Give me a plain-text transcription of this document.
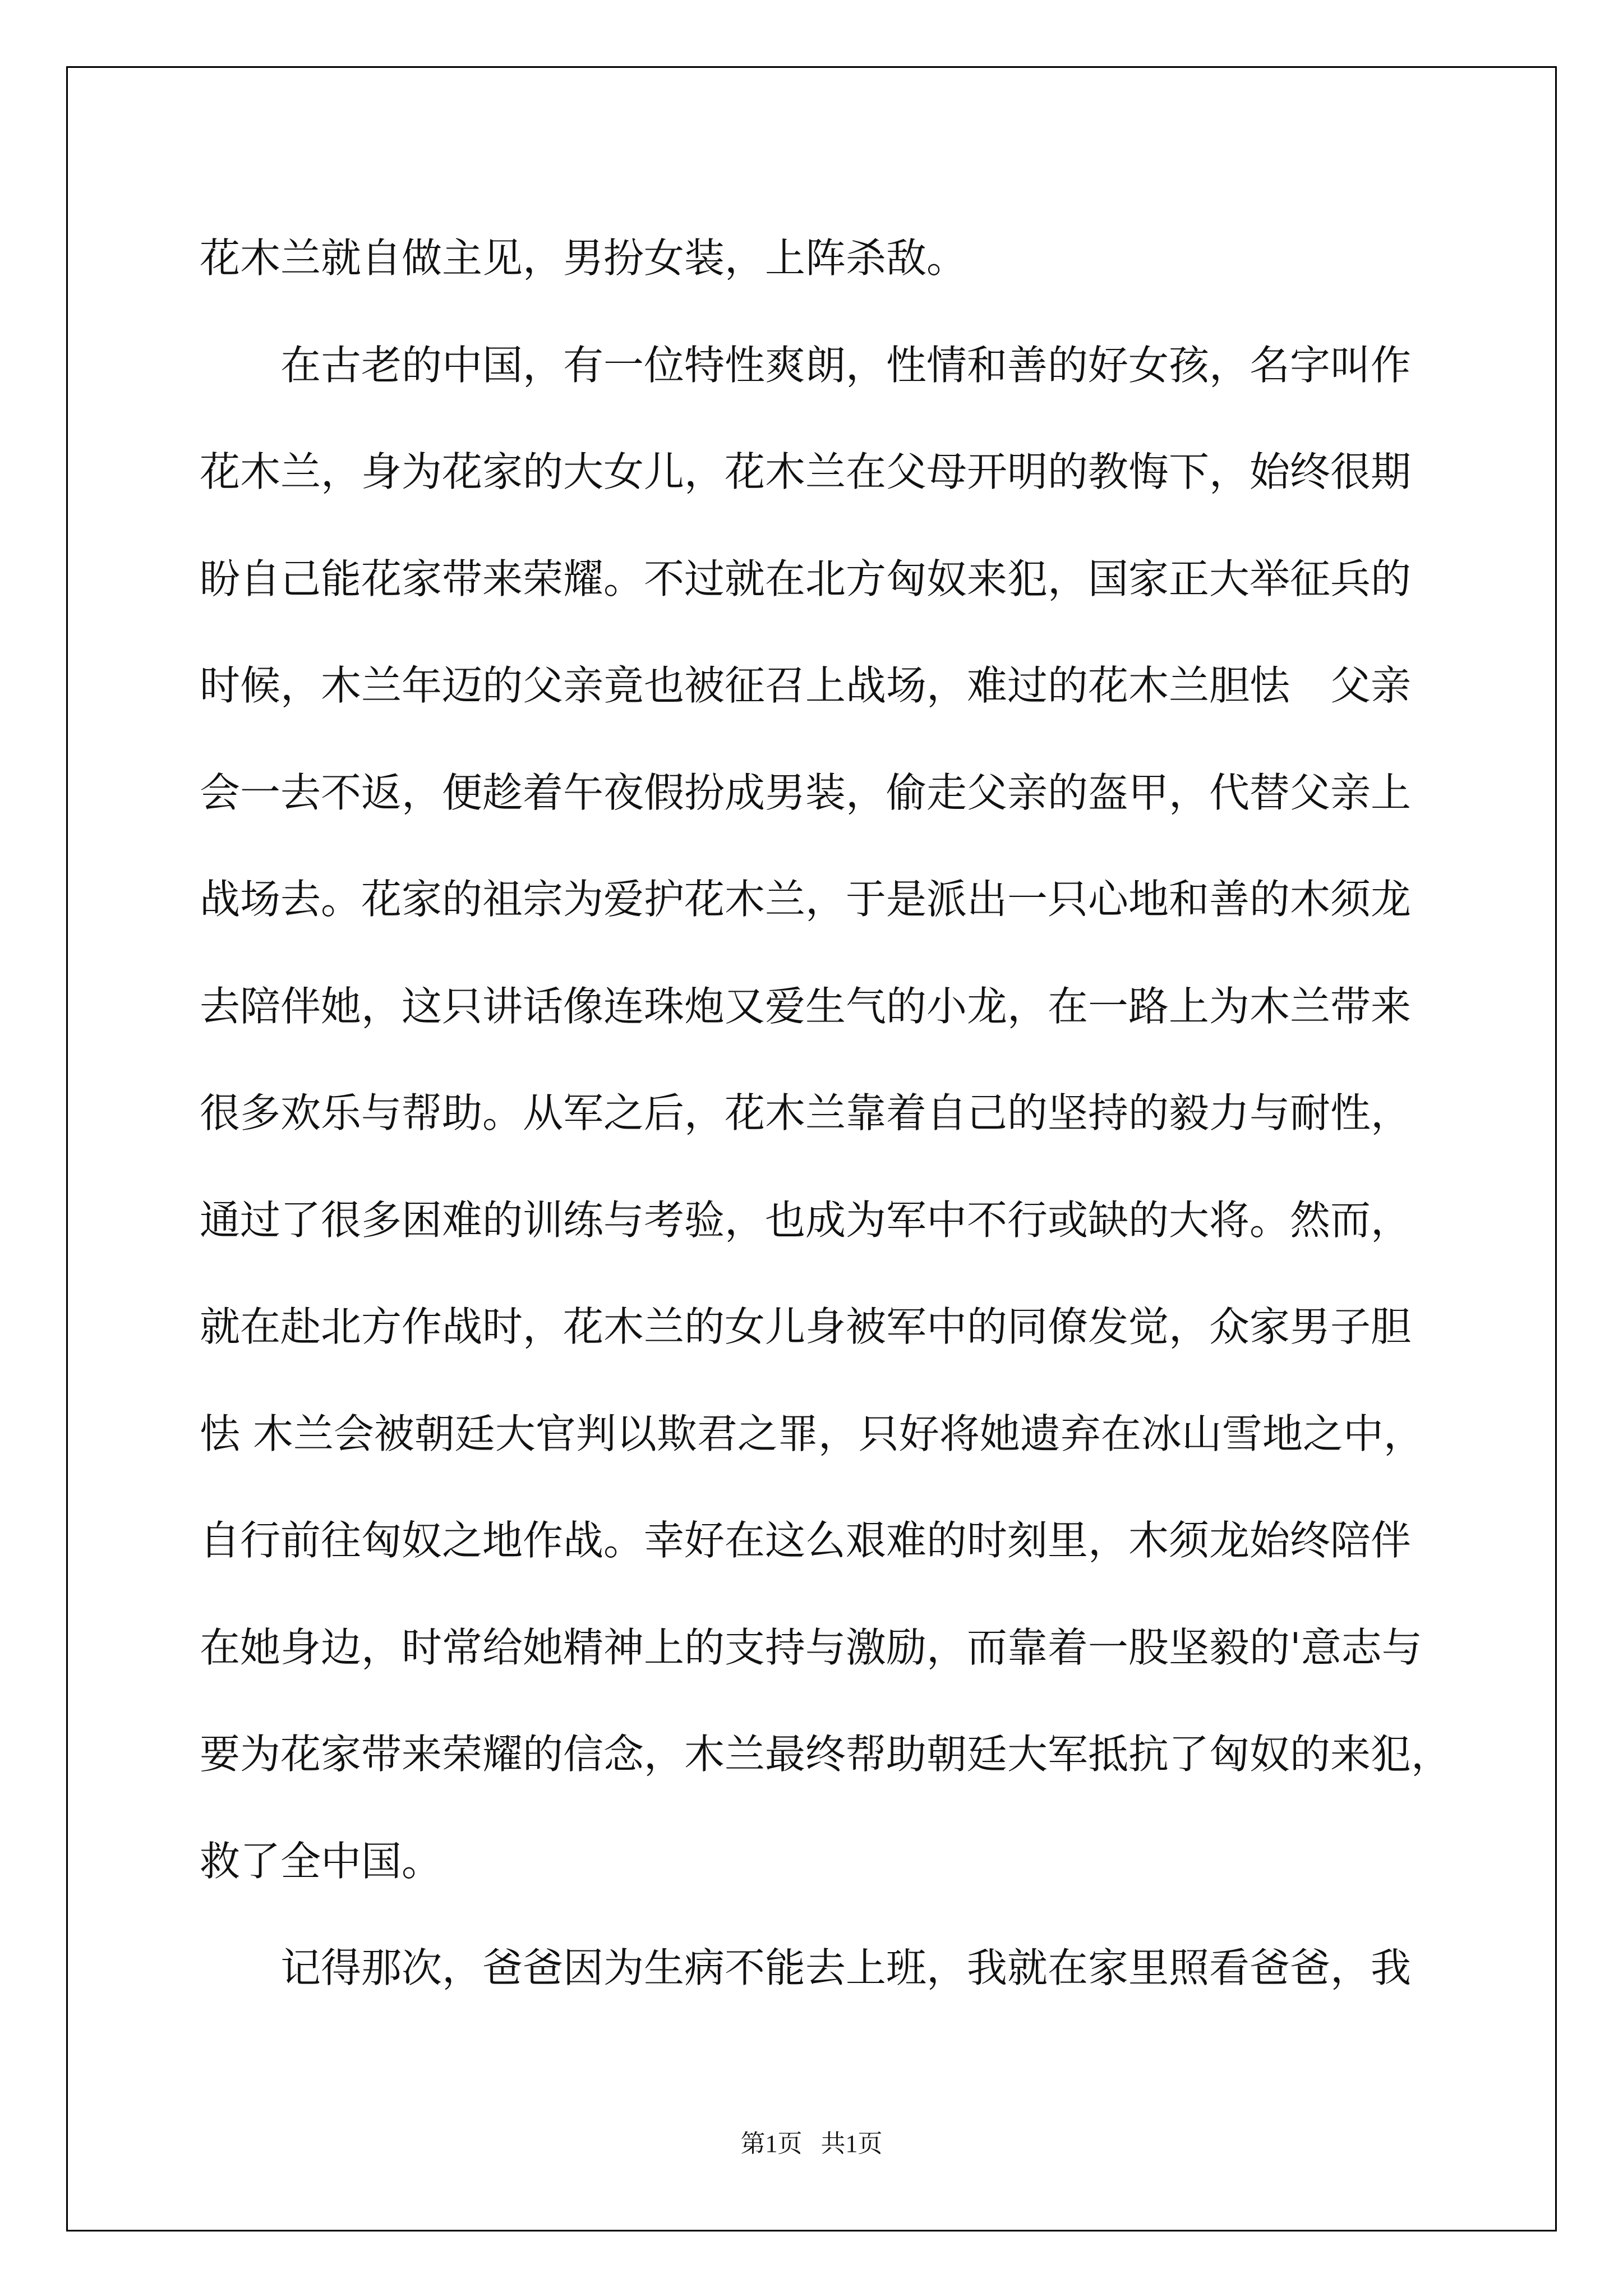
花木兰就自做主见，男扮女装，上阵杀敌。
在古老的中国，有一位特性爽朗，性情和善的好女孩，名字叫作
花木兰，身为花家的大女儿，花木兰在父母开明的教悔下，始终很期
盼自己能花家带来荣耀。不过就在北方匈奴来犯，国家正大举征兵的
时候，木兰年迈的父亲竟也被征召上战场，难过的花木兰胆怯　父亲
会一去不返，便趁着午夜假扮成男装，偷走父亲的盔甲，代替父亲上
战场去。花家的祖宗为爱护花木兰，于是派出一只心地和善的木须龙
去陪伴她，这只讲话像连珠炮又爱生气的小龙，在一路上为木兰带来
很多欢乐与帮助。从军之后，花木兰靠着自己的坚持的毅力与耐性，
通过了很多困难的训练与考验，也成为军中不行或缺的大将。然而，
就在赴北方作战时，花木兰的女儿身被军中的同僚发觉，众家男子胆
怯 木兰会被朝廷大官判以欺君之罪，只好将她遗弃在冰山雪地之中，
自行前往匈奴之地作战。幸好在这么艰难的时刻里，木须龙始终陪伴
在她身边，时常给她精神上的支持与激励，而靠着一股坚毅的'意志与
要为花家带来荣耀的信念，木兰最终帮助朝廷大军抵抗了匈奴的来犯，
救了全中国。
记得那次，爸爸因为生病不能去上班，我就在家里照看爸爸，我
第1页   共1页
